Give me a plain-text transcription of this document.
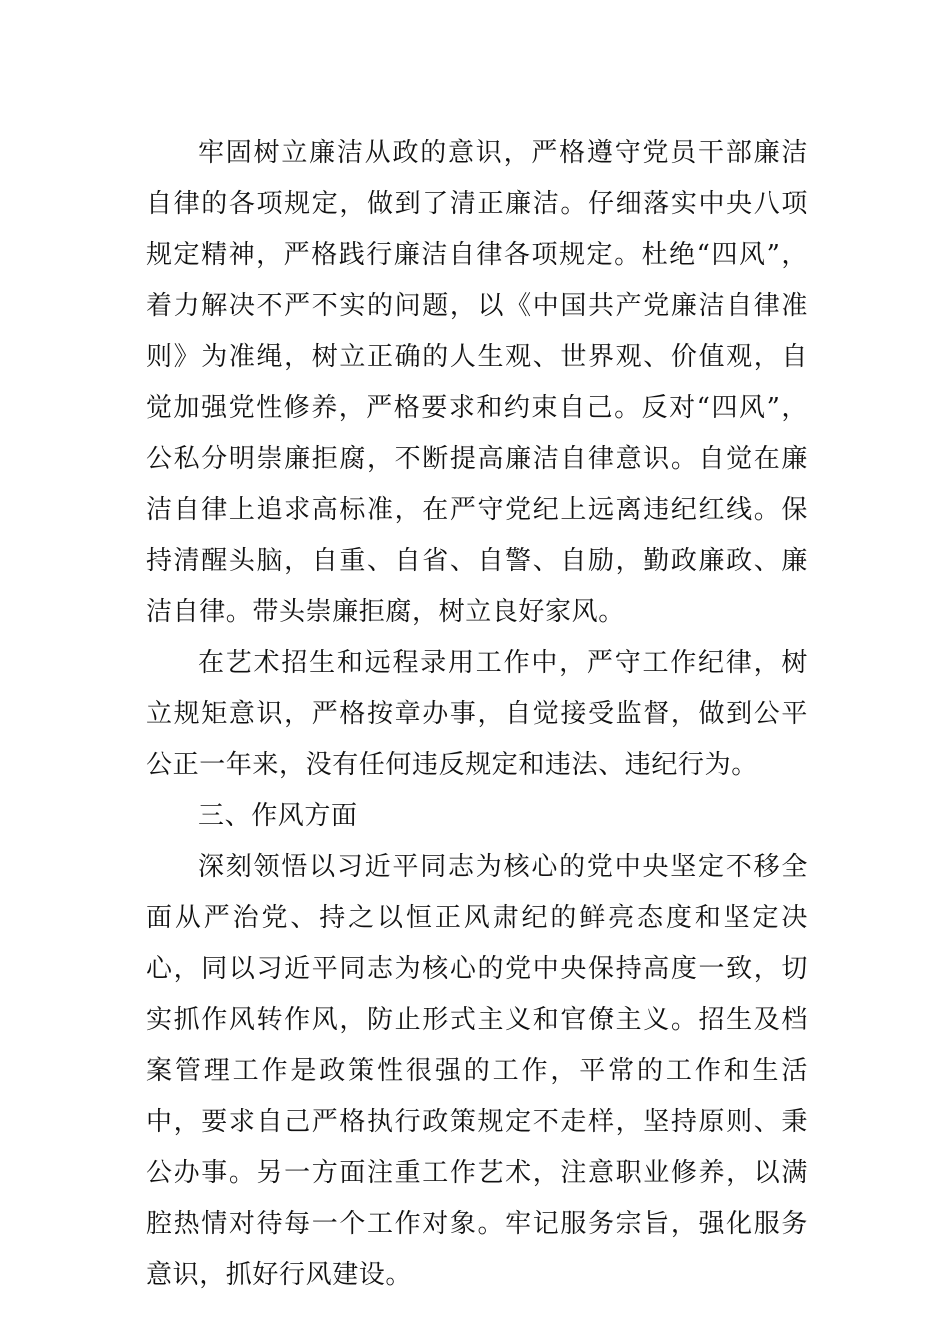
牢固树立廉洁从政的意识，严格遵守党员干部廉洁自律的各项规定，做到了清正廉洁。仔细落实中央八项规定精神，严格践行廉洁自律各项规定。杜绝“四风”，着力解决不严不实的问题，以《中国共产党廉洁自律准则》为准绳，树立正确的人生观、世界观、价值观，自觉加强党性修养，严格要求和约束自己。反对“四风”，公私分明崇廉拒腐，不断提高廉洁自律意识。自觉在廉洁自律上追求高标准，在严守党纪上远离违纪红线。保持清醒头脑，自重、自省、自警、自励，勤政廉政、廉洁自律。带头崇廉拒腐，树立良好家风。

在艺术招生和远程录用工作中，严守工作纪律，树立规矩意识，严格按章办事，自觉接受监督，做到公平公正一年来，没有任何违反规定和违法、违纪行为。

三、作风方面

深刻领悟以习近平同志为核心的党中央坚定不移全面从严治党、持之以恒正风肃纪的鲜亮态度和坚定决心，同以习近平同志为核心的党中央保持高度一致，切实抓作风转作风，防止形式主义和官僚主义。招生及档案管理工作是政策性很强的工作，平常的工作和生活中，要求自己严格执行政策规定不走样，坚持原则、秉公办事。另一方面注重工作艺术，注意职业修养，以满腔热情对待每一个工作对象。牢记服务宗旨，强化服务意识，抓好行风建设。
